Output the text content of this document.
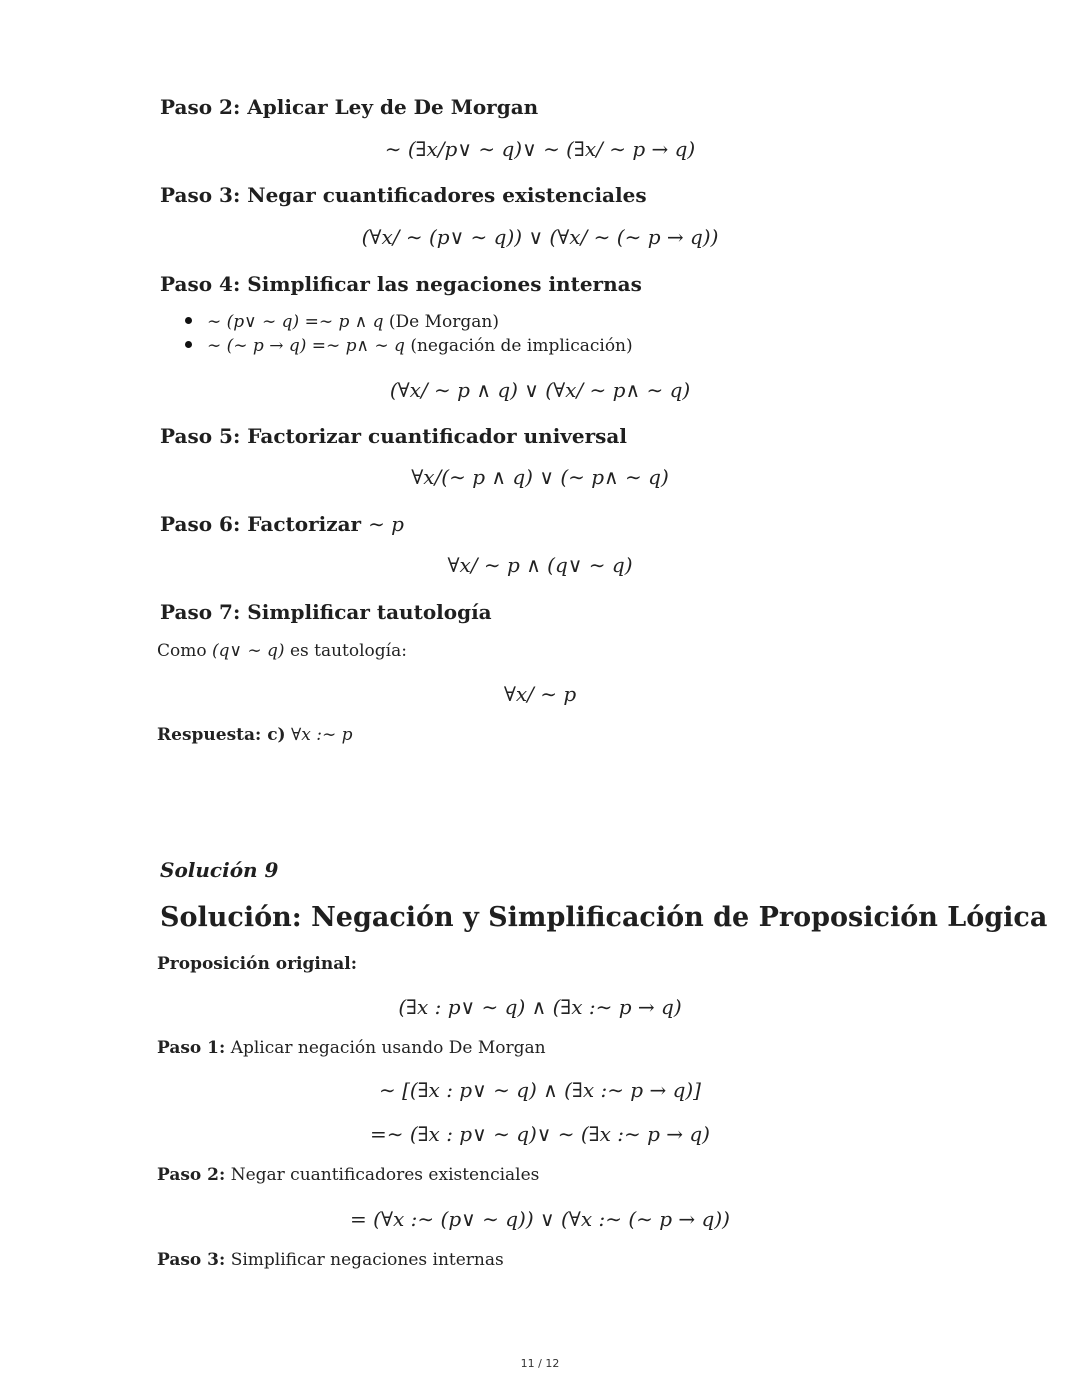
Paso 2: Aplicar Ley de De Morgan
∼ (∃x/p∨ ∼ q)∨ ∼ (∃x/ ∼ p → q)
Paso 3: Negar cuantificadores existenciales
(∀x/ ∼ (p∨ ∼ q)) ∨ (∀x/ ∼ (∼ p → q))
Paso 4: Simplificar las negaciones internas
∼ (p∨ ∼ q) =∼ p ∧ q (De Morgan)
∼ (∼ p → q) =∼ p∧ ∼ q (negación de implicación)
(∀x/ ∼ p ∧ q) ∨ (∀x/ ∼ p∧ ∼ q)
Paso 5: Factorizar cuantificador universal
∀x/(∼ p ∧ q) ∨ (∼ p∧ ∼ q)
Paso 6: Factorizar ∼ p
∀x/ ∼ p ∧ (q∨ ∼ q)
Paso 7: Simplificar tautología
Como (q∨ ∼ q) es tautología:
∀x/ ∼ p
Respuesta: c) ∀x :∼ p
Solución 9
Solución: Negación y Simplificación de Proposición Lógica
Proposición original:
(∃x : p∨ ∼ q) ∧ (∃x :∼ p → q)
Paso 1: Aplicar negación usando De Morgan
∼ [(∃x : p∨ ∼ q) ∧ (∃x :∼ p → q)]
=∼ (∃x : p∨ ∼ q)∨ ∼ (∃x :∼ p → q)
Paso 2: Negar cuantificadores existenciales
= (∀x :∼ (p∨ ∼ q)) ∨ (∀x :∼ (∼ p → q))
Paso 3: Simplificar negaciones internas
11 / 12
